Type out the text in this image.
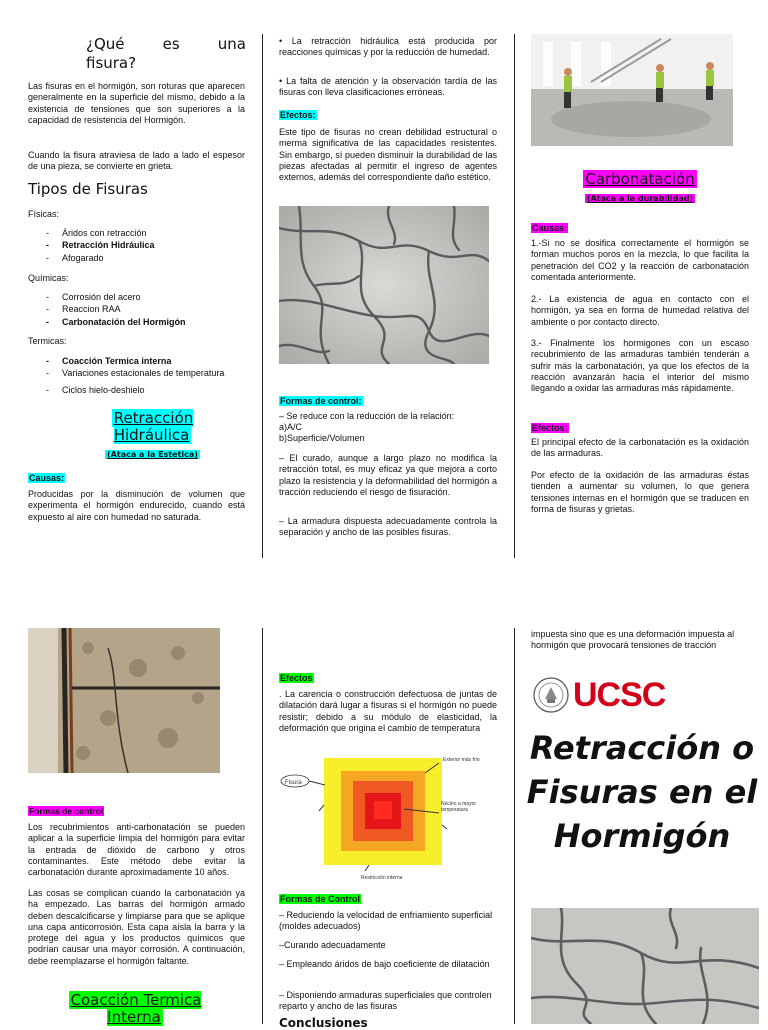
¿Qué es una fisura?

Las fisuras en el hormigón, son roturas que aparecen generalmente en la superficie del mismo, debido a la existencia de tensiones que son superiores a la capacidad de resistencia del Hormigón.

Cuando la fisura atraviesa de lado a lado el espesor de una pieza, se convierte en grieta.

Tipos de Fisuras
Físicas:
- Áridos con retracción
- Retracción Hidráulica
- Afogarado
Químicas:
- Corrosión del acero
- Reaccion RAA
- Carbonatación del Hormigón
Termicas:
- Coacción Termica interna
- Variaciones estacionales de temperatura
- Ciclos hielo-deshielo
Retracción Hidráulica
(Ataca a la Estetica)
Causas:

Producidas por la disminución de volumen que experimenta el hormigón endurecido, cuando está expuesto al aire con humedad no saturada.

• La retracción hidráulica está producida por reacciones químicas y por la reducción de humedad.

• La falta de atención y la observación tardía de las fisuras con lleva clasificaciones erróneas.

Efectos:

Este tipo de fisuras no crean debilidad estructural o merma significativa de las capacidades resistentes. Sin embargo, sí pueden disminuir la durabilidad de las piezas afectadas al permitir el ingreso de agentes externos, además del correspondiente daño estético.

Formas de control:

– Se reduce con la reducción de la relación:

a)A/C

b)Superficie/Volumen

– El curado, aunque a largo plazo no modifica la retracción total, es muy eficaz ya que mejora a corto plazo la resistencia y la deformabilidad del hormigón a tracción reduciendo el riesgo de fisuración.

– La armadura dispuesta adecuadamente controla la separación y ancho de las posibles fisuras.

Carbonatación
(Ataca a la durabilidad)
Causas:

1.-Si no se dosifica correctamente el hormigón se forman muchos poros en la mezcla, lo que facilita la penetración del CO2 y la reacción de carbonatación comentada anteriormente.

2.- La existencia de agua en contacto con el hormigón, ya sea en forma de humedad relativa del ambiente o por contacto directo.

3.- Finalmente los hormigones con un escaso recubrimiento de las armaduras también tenderán a sufrir más la carbonatación, ya que los efectos de la reacción avanzarán hacia el interior del mismo llegando a oxidar las armaduras más rápidamente.

Efectos:

El principal efecto de la carbonatación es la oxidación de las armaduras.

Por efecto de la oxidación de las armaduras éstas tienden a aumentar su volumen, lo que genera tensiones internas en el hormigón que se traducen en forma de fisuras y grietas.

Formas de control

Los recubrimientos anti-carbonatación se pueden aplicar a la superficie limpia del hormigón para evitar la entrada de dióxido de carbono y otros contaminantes. Este método debe evitar la carbonatación durante aproximadamente 10 años.

Las cosas se complican cuando la carbonatación ya ha empezado. Las barras del hormigón armado deben descalcificarse y limpiarse para que se aplique una capa anticorrosión. Esta capa aísla la barra y la protege del agua y los productos químicos que podrían causar una mayor corrosión. A continuación, debe reemplazarse el hormigón faltante.

Coacción Termica Interna
Efectos

. La carencia o construcción defectuosa de juntas de dilatación dará lugar a fisuras si el hormigón no puede resistir; debido a su módulo de elasticidad, la deformación que origina el cambio de temperatura

Fisura
Exterior más frío
Núcleo a mayor temperatura
Restricción interna
Formas de Control

– Reduciendo la velocidad de enfriamiento superficial (moldes adecuados)

–Curando adecuadamente

– Empleando áridos de bajo coeficiente de dilatación

– Disponiendo armaduras superficiales que controlen reparto y ancho de las fisuras

Conclusiones

impuesta sino que es una deformación impuesta al hormigón que provocará tensiones de tracción

UCSC
Retracción o Fisuras en el Hormigón
